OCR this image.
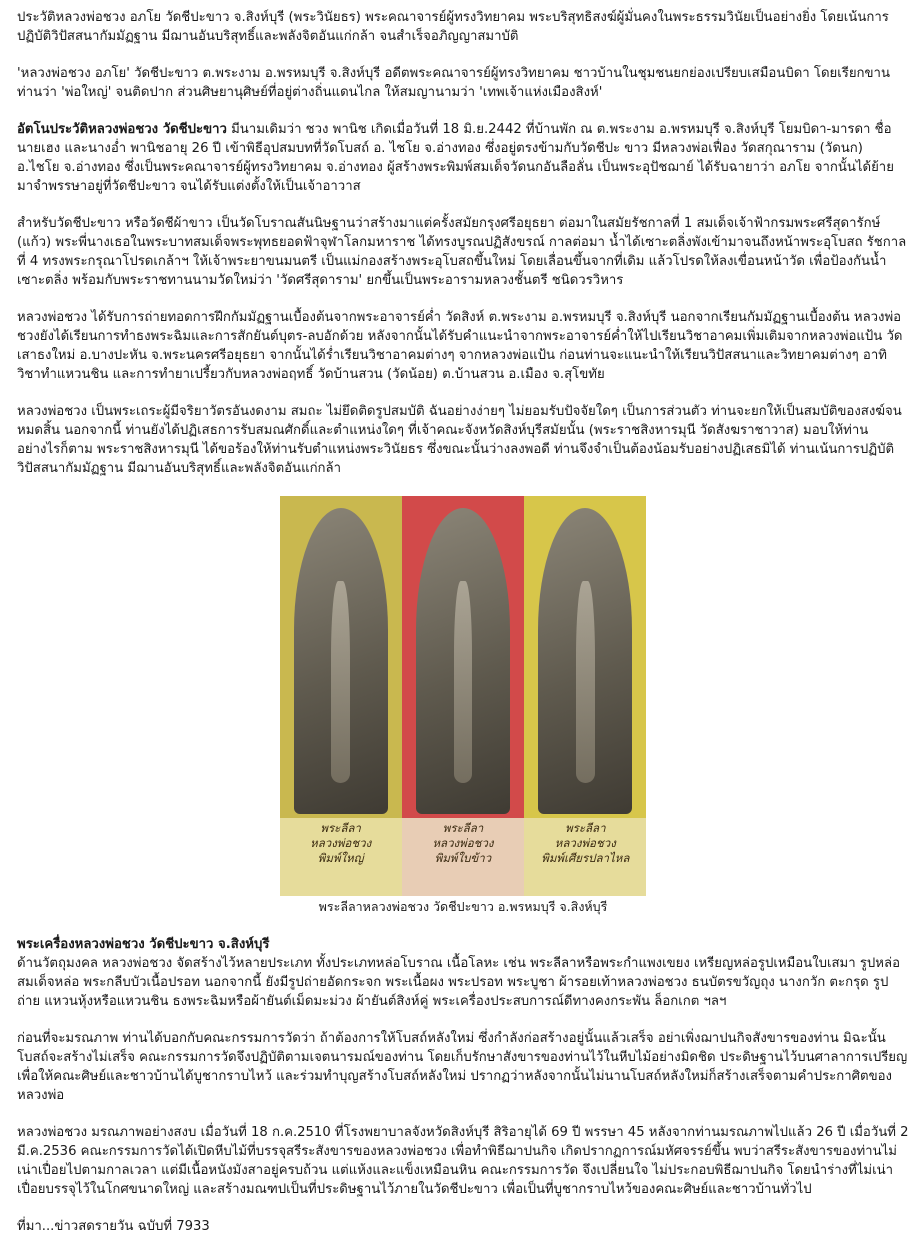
ประวัติหลวงพ่อชวง อภโย วัดชีปะขาว จ.สิงห์บุรี (พระวินัยธร) พระคณาจารย์ผู้ทรงวิทยาคม พระบริสุทธิสงฆ์ผู้มั่นคงในพระธรรมวินัยเป็นอย่างยิ่ง โดยเน้นการปฏิบัติวิปัสสนากัมมัฏฐาน มีฌานอันบริสุทธิ์และพลังจิตอันแก่กล้า จนสำเร็จอภิญญาสมาบัติ

'หลวงพ่อชวง อภโย' วัดชีปะขาว ต.พระงาม อ.พรหมบุรี จ.สิงห์บุรี อดีตพระคณาจารย์ผู้ทรงวิทยาคม ชาวบ้านในชุมชนยกย่องเปรียบเสมือนบิดา โดยเรียกขานท่านว่า 'พ่อใหญ่' จนติดปาก ส่วนศิษยานุศิษย์ที่อยู่ต่างถิ่นแดนไกล ให้สมญานามว่า 'เทพเจ้าแห่งเมืองสิงห์'

อัตโนประวัติหลวงพ่อชวง วัดชีปะขาว มีนามเดิมว่า ชวง พานิช เกิดเมื่อวันที่ 18 มิ.ย.2442 ที่บ้านพัก ณ ต.พระงาม อ.พรหมบุรี จ.สิงห์บุรี โยมบิดา-มารดา ชื่อ นายเฮง และนางอ่ำ พานิชอายุ 26 ปี เข้าพิธีอุปสมบทที่วัดโบสถ์ อ. ไชโย จ.อ่างทอง ซึ่งอยู่ตรงข้ามกับวัดชีปะ ขาว มีหลวงพ่อเฟื่อง วัดสกุณาราม (วัดนก) อ.ไชโย จ.อ่างทอง ซึ่งเป็นพระคณาจารย์ผู้ทรงวิทยาคม จ.อ่างทอง ผู้สร้างพระพิมพ์สมเด็จวัดนกอันลือลั่น เป็นพระอุปัชฌาย์ ได้รับฉายาว่า อภโย จากนั้นได้ย้ายมาจำพรรษาอยู่ที่วัดชีปะขาว จนได้รับแต่งตั้งให้เป็นเจ้าอาวาส

สำหรับวัดชีปะขาว หรือวัดชีผ้าขาว เป็นวัดโบราณสันนิษฐานว่าสร้างมาแต่ครั้งสมัยกรุงศรีอยุธยา ต่อมาในสมัยรัชกาลที่ 1 สมเด็จเจ้าฟ้ากรมพระศรีสุดารักษ์ (แก้ว) พระพี่นางเธอในพระบาทสมเด็จพระพุทธยอดฟ้าจุฬาโลกมหาราช ได้ทรงบูรณปฏิสังขรณ์ กาลต่อมา น้ำได้เซาะตลิ่งพังเข้ามาจนถึงหน้าพระอุโบสถ รัชกาลที่ 4 ทรงพระกรุณาโปรดเกล้าฯ ให้เจ้าพระยาขนมนตรี เป็นแม่กองสร้างพระอุโบสถขึ้นใหม่ โดยเลื่อนขึ้นจากที่เดิม แล้วโปรดให้ลงเขื่อนหน้าวัด เพื่อป้องกันน้ำเซาะตลิ่ง พร้อมกับพระราชทานนามวัดใหม่ว่า 'วัดศรีสุดาราม' ยกขึ้นเป็นพระอารามหลวงชั้นตรี ชนิดวรวิหาร

หลวงพ่อชวง ได้รับการถ่ายทอดการฝึกกัมมัฏฐานเบื้องต้นจากพระอาจารย์ค่ำ วัดสิงห์ ต.พระงาม อ.พรหมบุรี จ.สิงห์บุรี นอกจากเรียนกัมมัฏฐานเบื้องต้น หลวงพ่อชวงยังได้เรียนการทำธงพระฉิมและการสักยันต์บุตร-ลบอักด้วย หลังจากนั้นได้รับคำแนะนำจากพระอาจารย์ค่ำให้ไปเรียนวิชาอาคมเพิ่มเติมจากหลวงพ่อแป้น วัดเสาธงใหม่ อ.บางปะหัน จ.พระนครศรีอยุธยา จากนั้นได้ร่ำเรียนวิชาอาคมต่างๆ จากหลวงพ่อแป้น ก่อนท่านจะแนะนำให้เรียนวิปัสสนาและวิทยาคมต่างๆ อาทิ วิชาทำแหวนชิน และการทำยาเปรี้ยวกับหลวงพ่อฤทธิ์ วัดบ้านสวน (วัดน้อย) ต.บ้านสวน อ.เมือง จ.สุโขทัย

หลวงพ่อชวง เป็นพระเถระผู้มีจริยาวัตรอันงดงาม สมถะ ไม่ยึดติดรูปสมบัติ ฉันอย่างง่ายๆ ไม่ยอมรับปัจจัยใดๆ เป็นการส่วนตัว ท่านจะยกให้เป็นสมบัติของสงฆ์จนหมดสิ้น นอกจากนี้ ท่านยังได้ปฏิเสธการรับสมณศักดิ์และตำแหน่งใดๆ ที่เจ้าคณะจังหวัดสิงห์บุรีสมัยนั้น (พระราชสิงหารมุนี วัดสังฆราชาวาส) มอบให้ท่าน อย่างไรก็ตาม พระราชสิงหารมุนี ได้ขอร้องให้ท่านรับตำแหน่งพระวินัยธร ซึ่งขณะนั้นว่างลงพอดี ท่านจึงจำเป็นต้องน้อมรับอย่างปฏิเสธมิได้ ท่านเน้นการปฏิบัติวิปัสสนากัมมัฏฐาน มีฌานอันบริสุทธิ์และพลังจิตอันแก่กล้า

พระลีลา
หลวงพ่อชวง
พิมพ์ใหญ่
พระลีลา
หลวงพ่อชวง
พิมพ์ใบข้าว
พระลีลา
หลวงพ่อชวง
พิมพ์เศียรปลาไหล
พระลีลาหลวงพ่อชวง วัดชีปะขาว อ.พรหมบุรี จ.สิงห์บุรี
พระเครื่องหลวงพ่อชวง วัดชีปะขาว จ.สิงห์บุรี

ด้านวัตถุมงคล หลวงพ่อชวง จัดสร้างไว้หลายประเภท ทั้งประเภทหล่อโบราณ เนื้อโลหะ เช่น พระลีลาหรือพระกำแพงเขยง เหรียญหล่อรูปเหมือนใบเสมา รูปหล่อ สมเด็จหล่อ พระกลีบบัวเนื้อปรอท นอกจากนี้ ยังมีรูปถ่ายอัดกระจก พระเนื้อผง พระปรอท พระบูชา ผ้ารอยเท้าหลวงพ่อชวง ธนบัตรขวัญถุง นางกวัก ตะกรุด รูปถ่าย แหวนหุ้งหรือแหวนชิน ธงพระฉิมหรือผ้ายันต์เม็ดมะม่วง ผ้ายันต์สิงห์คู่ พระเครื่องประสบการณ์ดีทางคงกระพัน ล็อกเกต ฯลฯ

ก่อนที่จะมรณภาพ ท่านได้บอกกับคณะกรรมการวัดว่า ถ้าต้องการให้โบสถ์หลังใหม่ ซึ่งกำลังก่อสร้างอยู่นั้นแล้วเสร็จ อย่าเพิ่งฌาปนกิจสังขารของท่าน มิฉะนั้นโบสถ์จะสร้างไม่เสร็จ คณะกรรมการวัดจึงปฏิบัติตามเจตนารมณ์ของท่าน โดยเก็บรักษาสังขารของท่านไว้ในหีบไม้อย่างมิดชิด ประดิษฐานไว้บนศาลาการเปรียญ เพื่อให้คณะศิษย์และชาวบ้านได้บูชากราบไหว้ และร่วมทำบุญสร้างโบสถ์หลังใหม่ ปรากฏว่าหลังจากนั้นไม่นานโบสถ์หลังใหม่ก็สร้างเสร็จตามคำประกาศิตของหลวงพ่อ

หลวงพ่อชวง มรณภาพอย่างสงบ เมื่อวันที่ 18 ก.ค.2510 ที่โรงพยาบาลจังหวัดสิงห์บุรี สิริอายุได้ 69 ปี พรรษา 45 หลังจากท่านมรณภาพไปแล้ว 26 ปี เมื่อวันที่ 2 มี.ค.2536 คณะกรรมการวัดได้เปิดหีบไม้ที่บรรจุสรีระสังขารของหลวงพ่อชวง เพื่อทำพิธีฌาปนกิจ เกิดปรากฏการณ์มหัศจรรย์ขึ้น พบว่าสรีระสังขารของท่านไม่เน่าเปื่อยไปตามกาลเวลา แต่มีเนื้อหนังมังสาอยู่ครบถ้วน แต่แห้งและแข็งเหมือนหิน คณะกรรมการวัด จึงเปลี่ยนใจ ไม่ประกอบพิธีฌาปนกิจ โดยนำร่างที่ไม่เน่าเปื่อยบรรจุไว้ในโกศขนาดใหญ่ และสร้างมณฑปเป็นที่ประดิษฐานไว้ภายในวัดชีปะขาว เพื่อเป็นที่บูชากราบไหว้ของคณะศิษย์และชาวบ้านทั่วไป

ที่มา...ข่าวสดรายวัน ฉบับที่ 7933
